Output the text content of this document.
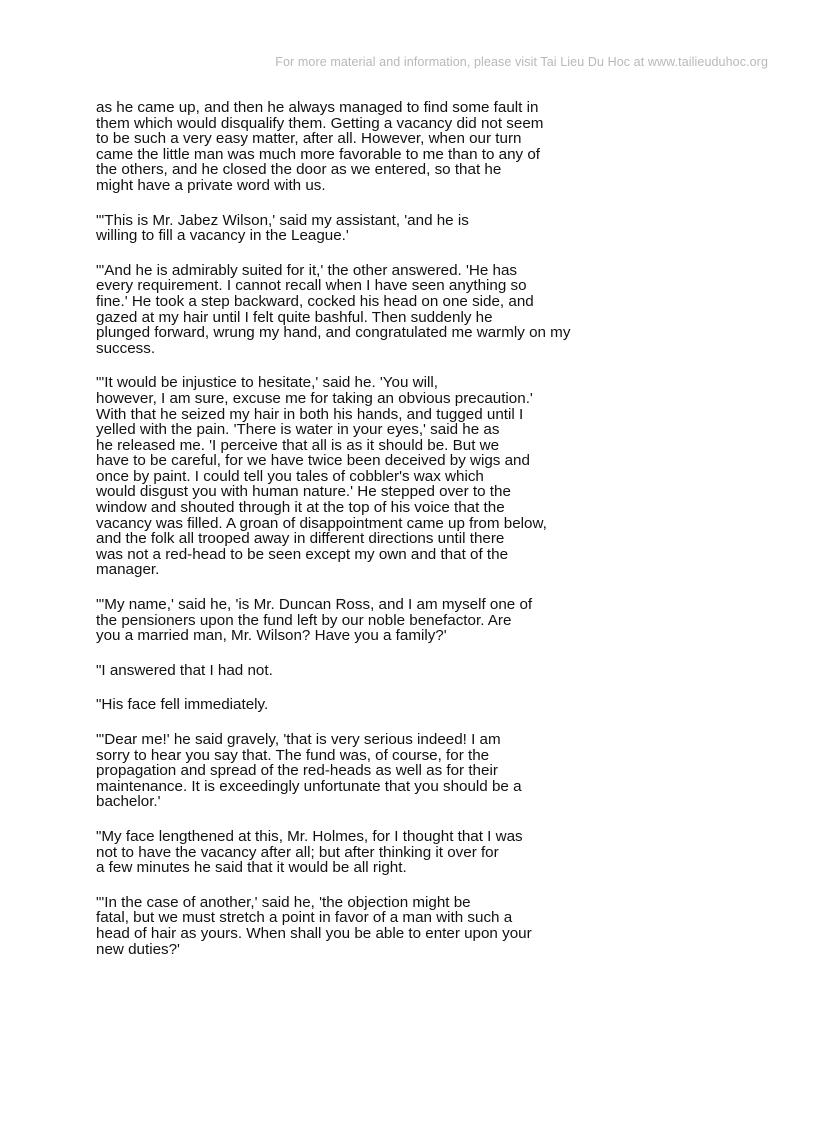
For more material and information, please visit Tai Lieu Du Hoc at www.tailieuduhoc.org
as he came up, and then he always managed to find some fault in
them which would disqualify them. Getting a vacancy did not seem
to be such a very easy matter, after all. However, when our turn
came the little man was much more favorable to me than to any of
the others, and he closed the door as we entered, so that he
might have a private word with us.
"'This is Mr. Jabez Wilson,' said my assistant, 'and he is
willing to fill a vacancy in the League.'
"'And he is admirably suited for it,' the other answered. 'He has
every requirement. I cannot recall when I have seen anything so
fine.' He took a step backward, cocked his head on one side, and
gazed at my hair until I felt quite bashful. Then suddenly he
plunged forward, wrung my hand, and congratulated me warmly on my
success.
"'It would be injustice to hesitate,' said he. 'You will,
however, I am sure, excuse me for taking an obvious precaution.'
With that he seized my hair in both his hands, and tugged until I
yelled with the pain. 'There is water in your eyes,' said he as
he released me. 'I perceive that all is as it should be. But we
have to be careful, for we have twice been deceived by wigs and
once by paint. I could tell you tales of cobbler's wax which
would disgust you with human nature.' He stepped over to the
window and shouted through it at the top of his voice that the
vacancy was filled. A groan of disappointment came up from below,
and the folk all trooped away in different directions until there
was not a red-head to be seen except my own and that of the
manager.
"'My name,' said he, 'is Mr. Duncan Ross, and I am myself one of
the pensioners upon the fund left by our noble benefactor. Are
you a married man, Mr. Wilson? Have you a family?'
"I answered that I had not.
"His face fell immediately.
"'Dear me!' he said gravely, 'that is very serious indeed! I am
sorry to hear you say that. The fund was, of course, for the
propagation and spread of the red-heads as well as for their
maintenance. It is exceedingly unfortunate that you should be a
bachelor.'
"My face lengthened at this, Mr. Holmes, for I thought that I was
not to have the vacancy after all; but after thinking it over for
a few minutes he said that it would be all right.
"'In the case of another,' said he, 'the objection might be
fatal, but we must stretch a point in favor of a man with such a
head of hair as yours. When shall you be able to enter upon your
new duties?'
